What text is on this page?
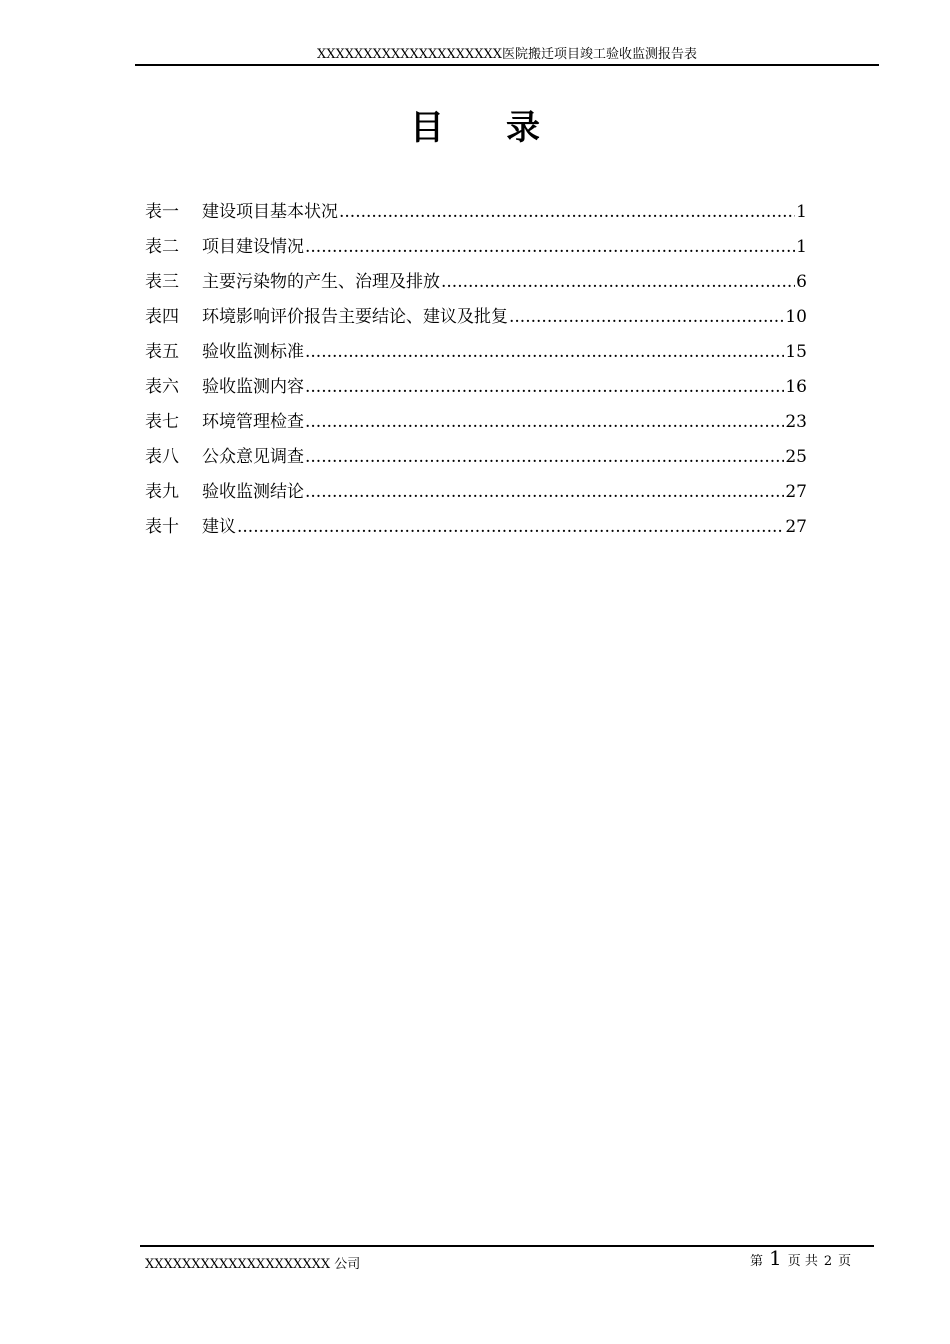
XXXXXXXXXXXXXXXXXXXX医院搬迁项目竣工验收监测报告表
目录
表一	建设项目基本状况 .....	1
表二	项目建设情况 .....	1
表三	主要污染物的产生、治理及排放 .....	6
表四	环境影响评价报告主要结论、建议及批复 .....	10
表五	验收监测标准 .....	15
表六	验收监测内容 .....	16
表七	环境管理检查 .....	23
表八	公众意见调查 .....	25
表九	验收监测结论 .....	27
表十	建议 .....	27
XXXXXXXXXXXXXXXXXXXX 公司	第 1 页 共 2 页
